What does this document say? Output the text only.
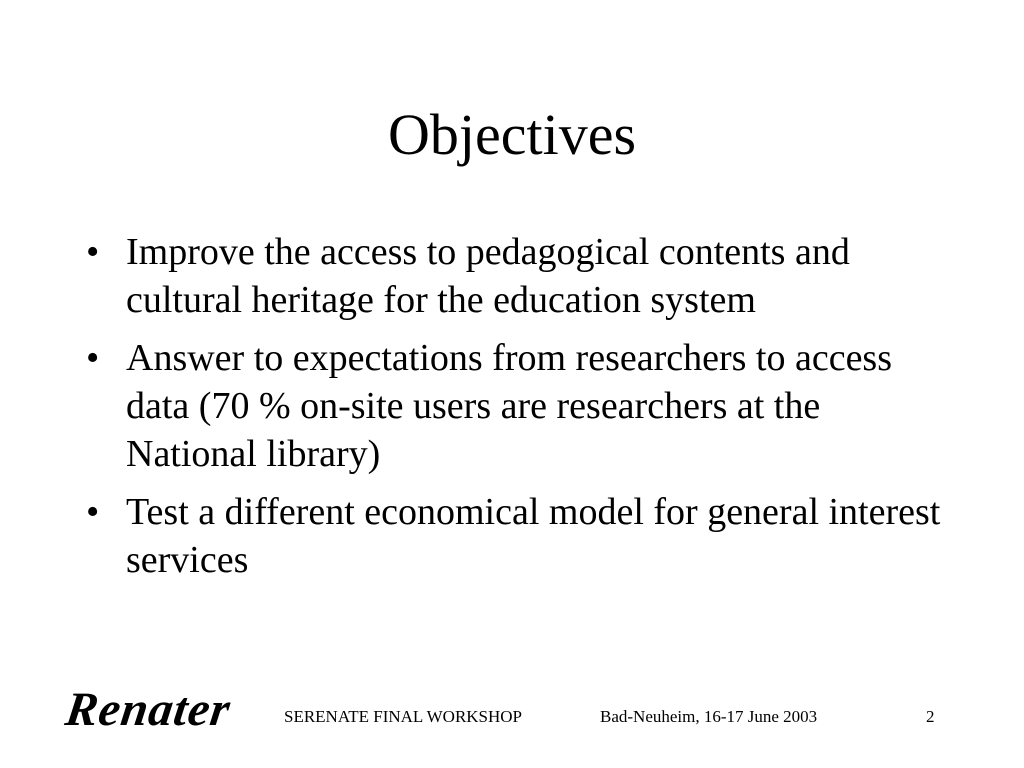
Objectives
• Improve the access to pedagogical contents and cultural heritage for the education system
• Answer to expectations from researchers to access data (70 % on-site users are researchers at the National library)
• Test a different economical model for general interest services
Renater	SERENATE FINAL WORKSHOP	Bad-Neuheim, 16-17 June 2003	2
